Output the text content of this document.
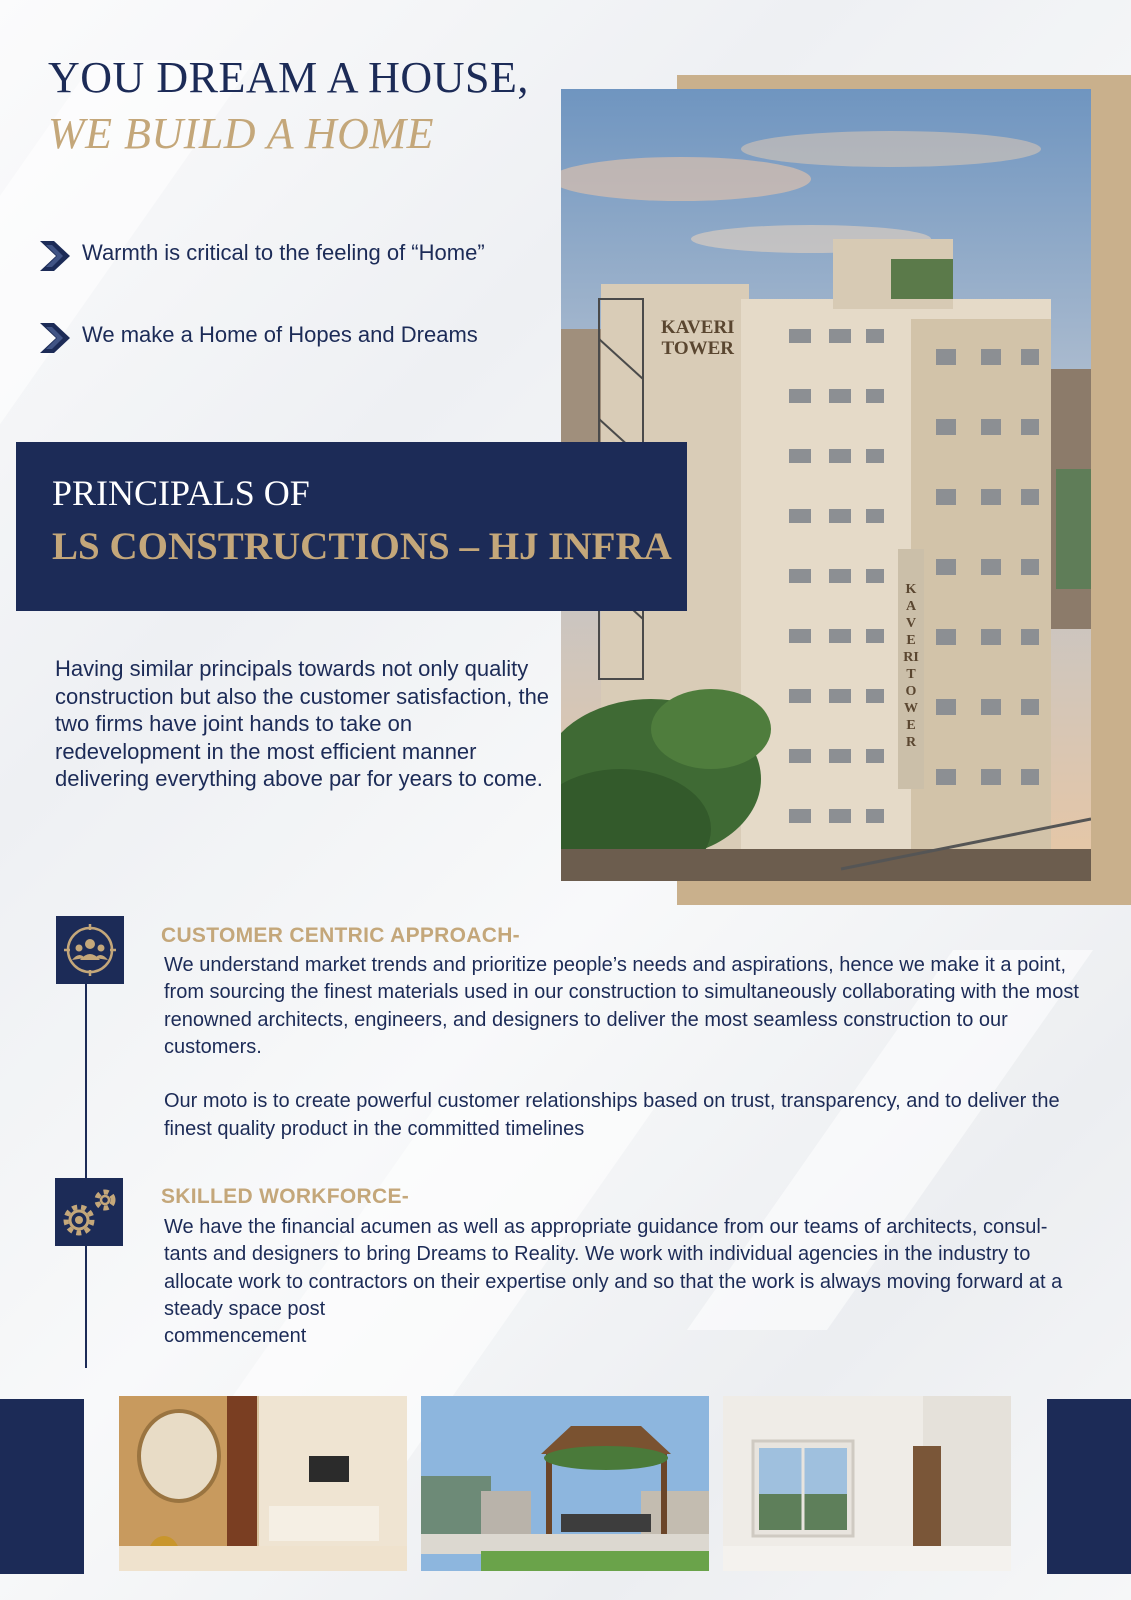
YOU DREAM A HOUSE,
WE BUILD A HOME
Warmth is critical to the feeling of “Home”
We make a Home of Hopes and Dreams	KAVERI
TOWER
KAVERI TOWER
PRINCIPALS OF
LS CONSTRUCTIONS – HJ INFRA
Having similar principals towards not only quality construction but also the customer satisfaction, the two firms have joint hands to take on redevelopment in the most efficient manner delivering everything above par for years to come.
CUSTOMER CENTRIC APPROACH-
We understand market trends and prioritize people’s needs and aspirations, hence we make it a point, from sourcing the finest materials used in our construction to simultaneously collaborating with the most renowned architects, engineers, and designers to deliver the most seamless construction to our customers.

Our moto is to create powerful customer relationships based on trust, transparency, and to deliver the finest quality product in the committed timelines
SKILLED WORKFORCE-
We have the financial acumen as well as appropriate guidance from our teams of architects, consul-
tants and designers to bring Dreams to Reality. We work with individual agencies in the industry to allocate work to contractors on their expertise only and so that the work is always moving forward at a steady space post
commencement
